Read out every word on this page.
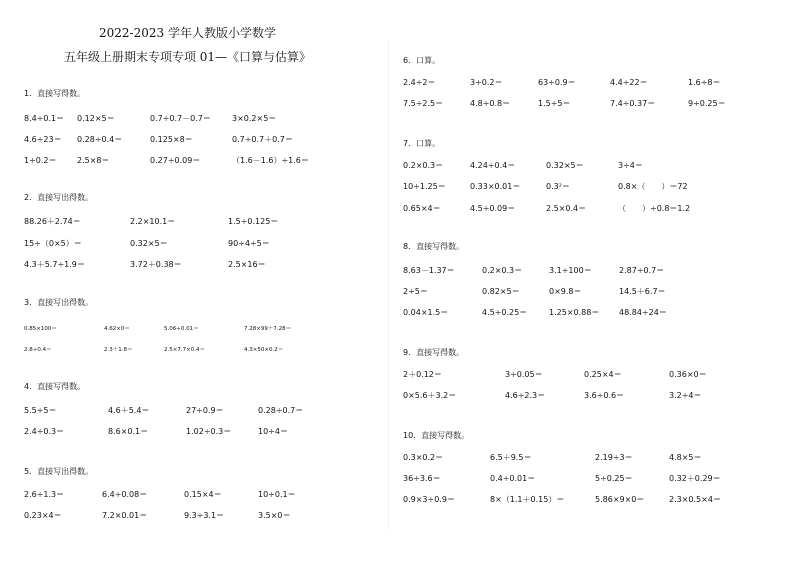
2022-2023 学年人教版小学数学
五年级上册期末专项专项 01—《口算与估算》
1．直接写得数。
8.4÷0.1＝ 0.12×5＝	0.7÷0.7－0.7＝	3×0.2×5＝
4.6÷23＝ 0.28÷0.4＝	0.125×8＝	0.7÷0.7＋0.7＝
1÷0.2＝	2.5×8＝	0.27÷0.09＝	（1.6－1.6）÷1.6＝
2．直接写出得数。
88.26＋2.74＝	2.2×10.1＝	1.5÷0.125＝
15÷（0×5）＝	0.32×5＝	90÷4÷5＝
4.3＋5.7÷1.9＝	3.72＋0.38＝	2.5×16＝
3．直接写出得数。
0.85×100＝	4.62×0＝	5.06÷0.01＝	7.28×99＋7.28＝
2.8÷0.4＝	2.3＋1.8＝	2.5×7.7×0.4＝	4.3×50×0.2＝
4．直接写得数。
5.5÷5＝	4.6＋5.4＝	27÷0.9＝	0.28÷0.7＝
2.4÷0.3＝	8.6×0.1＝	1.02÷0.3＝	10÷4＝
5．直接写出得数。
2.6÷1.3＝	6.4÷0.08＝	0.15×4＝	10÷0.1＝
0.23×4＝	7.2×0.01＝	9.3÷3.1＝	3.5×0＝
6．口算。
2.4÷2＝	3÷0.2＝	63÷0.9＝	4.4÷22＝	1.6÷8＝
7.5÷2.5＝	4.8÷0.8＝	1.5÷5＝	7.4÷0.37＝	9÷0.25＝
7．口算。
0.2×0.3＝	4.24÷0.4＝	0.32×5＝	3÷4＝
10÷1.25＝	0.33×0.01＝	0.3²＝	0.8×（　　）＝72
0.65×4＝	4.5÷0.09＝	2.5×0.4＝	（　　）÷0.8＝1.2
8．直接写得数。
8.63－1.37＝	0.2×0.3＝	3.1÷100＝	2.87÷0.7＝
2÷5＝	0.82×5＝	0×9.8＝	14.5＋6.7＝
0.04×1.5＝	4.5÷0.25＝	1.25×0.88＝ 48.84÷24＝
9．直接写得数。
2＋0.12＝	3÷0.05＝	0.25×4＝	0.36×0＝
0×5.6＋3.2＝	4.6÷2.3＝	3.6÷0.6＝	3.2÷4＝
10．直接写得数。
0.3×0.2＝	6.5＋9.5＝	2.19÷3＝	4.8×5＝
36÷3.6＝	0.4÷0.01＝	5÷0.25＝	0.32＋0.29＝
0.9×3÷0.9＝	8×（1.1＋0.15）＝	5.86×9×0＝	2.3×0.5×4＝
